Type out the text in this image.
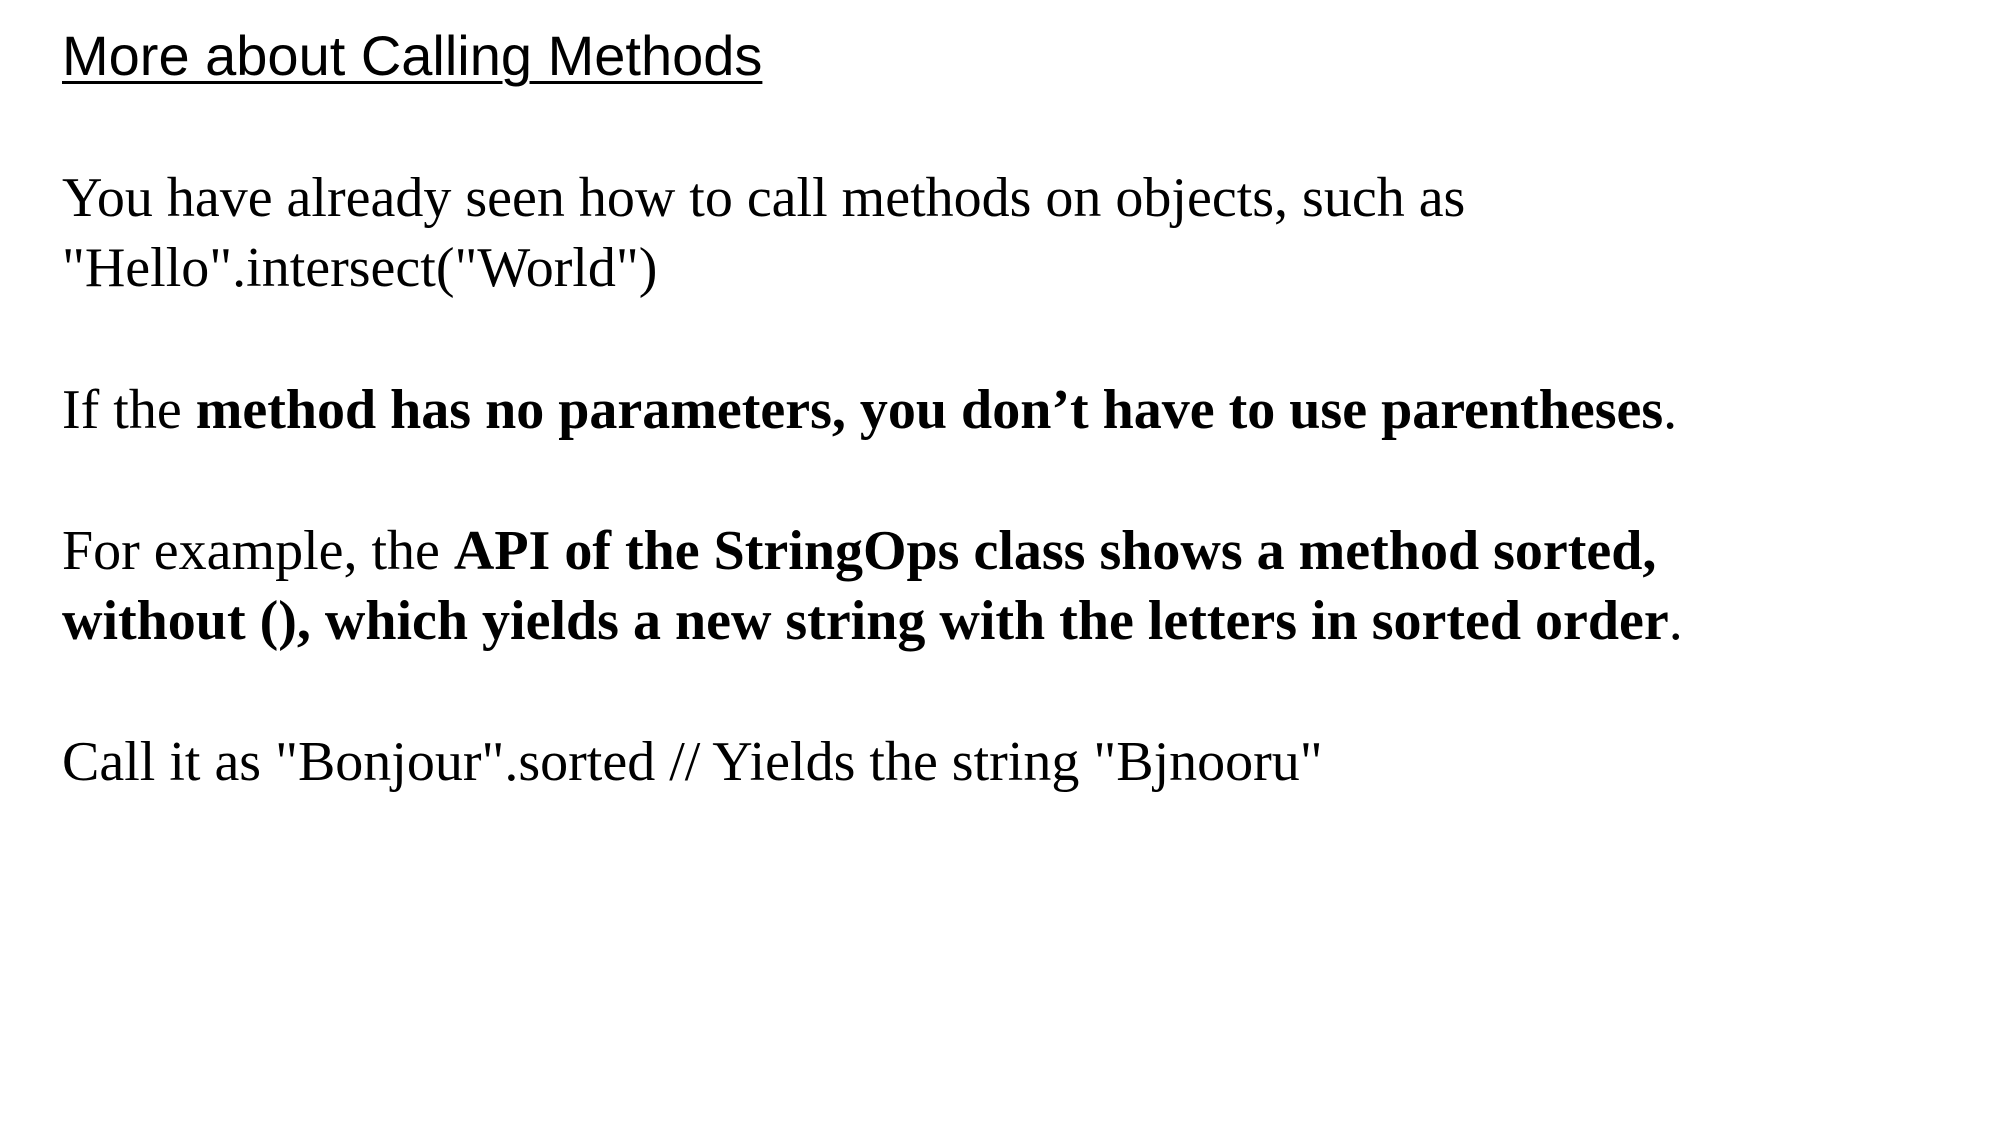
More about Calling Methods

You have already seen how to call methods on objects, such as
"Hello".intersect("World")

If the method has no parameters, you don’t have to use parentheses.

For example, the API of the StringOps class shows a method sorted,
without (), which yields a new string with the letters in sorted order.

Call it as "Bonjour".sorted // Yields the string "Bjnooru"
